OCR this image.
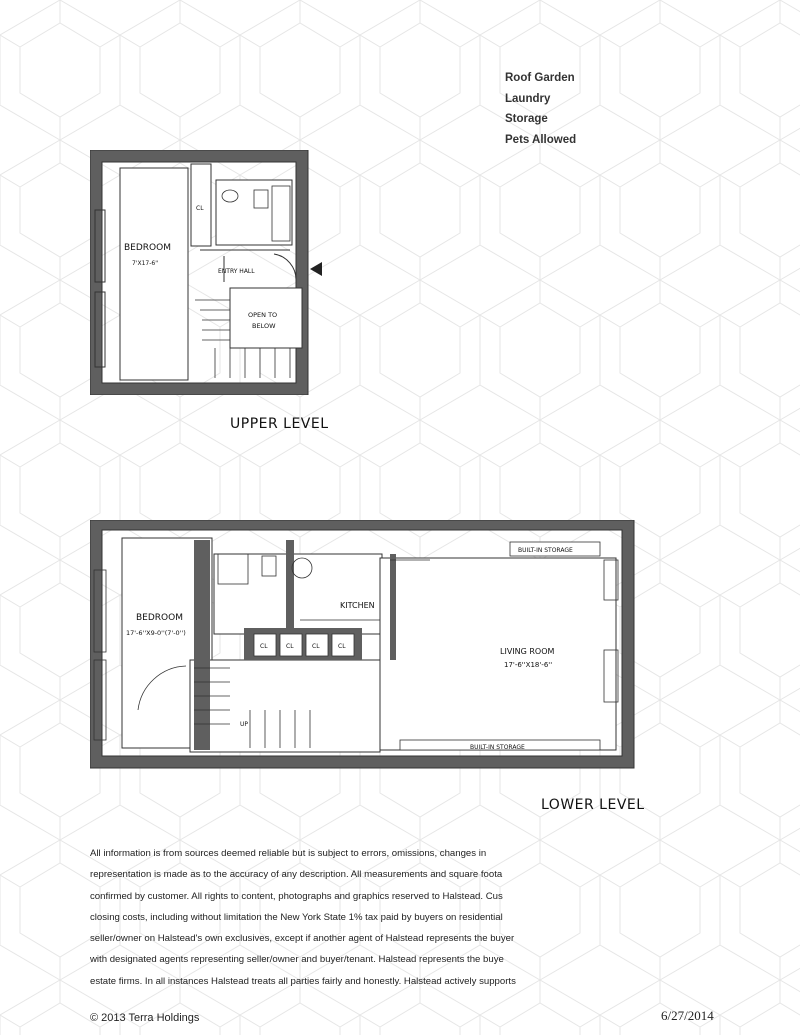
Roof Garden
Laundry
Storage
Pets Allowed
BEDROOM
7'X17-6''
CL
ENTRY HALL
OPEN TO
BELOW
UPPER LEVEL
BEDROOM
17'-6''X9-0''(7'-0'')
KITCHEN
LIVING ROOM
17'-6''X18'-6''
BUILT-IN STORAGE
BUILT-IN STORAGE
CL	CL	CL	CL
UP
LOWER LEVEL
All information is from sources deemed reliable but is subject to errors, omissions, changes in
representation is made as to the accuracy of any description. All measurements and square foota
confirmed by customer. All rights to content, photographs and graphics reserved to Halstead. Cus
closing costs, including without limitation the New York State 1% tax paid by buyers on residential
seller/owner on Halstead's own exclusives, except if another agent of Halstead represents the buyer
with designated agents representing seller/owner and buyer/tenant. Halstead represents the buye
estate firms. In all instances Halstead treats all parties fairly and honestly. Halstead actively supports
© 2013 Terra Holdings	6/27/2014
